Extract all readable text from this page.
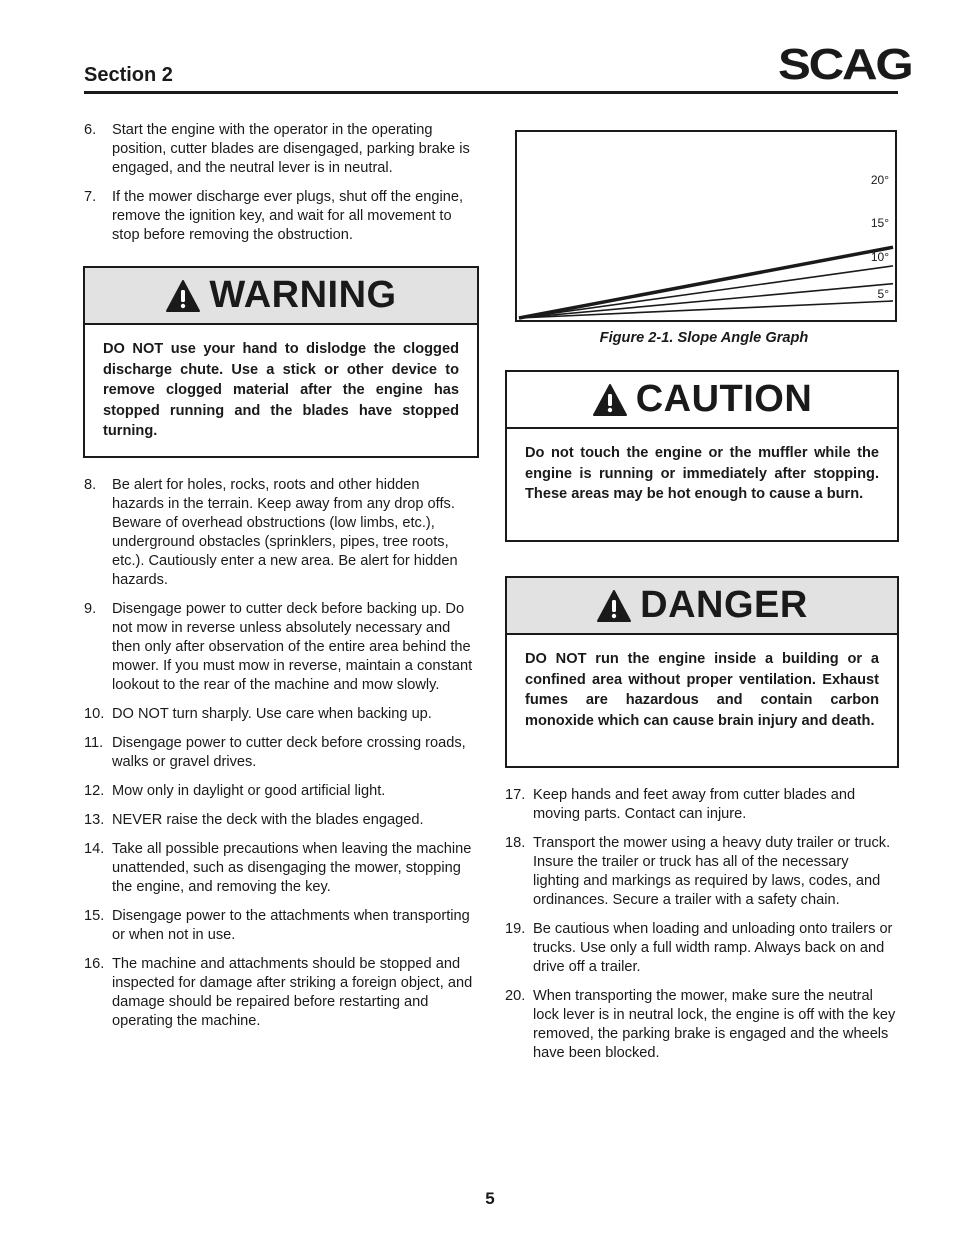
Section 2	SCAG
6. Start the engine with the operator in the operating position, cutter blades are disengaged, parking brake is engaged, and the neutral lever is in neutral.
7. If the mower discharge ever plugs, shut off the engine, remove the ignition key, and wait for all movement to stop before removing the obstruction.
WARNING
DO NOT use your hand to dislodge the clogged discharge chute. Use a stick or other device to remove clogged material after the engine has stopped running and the blades have stopped turning.
8. Be alert for holes, rocks, roots and other hidden hazards in the terrain. Keep away from any drop offs. Beware of overhead obstructions (low limbs, etc.), underground obstacles (sprinklers, pipes, tree roots, etc.). Cautiously enter a new area. Be alert for hidden hazards.
9. Disengage power to cutter deck before backing up. Do not mow in reverse unless absolutely necessary and then only after observation of the entire area behind the mower. If you must mow in reverse, maintain a constant lookout to the rear of the machine and mow slowly.
10. DO NOT turn sharply. Use care when backing up.
11. Disengage power to cutter deck before crossing roads, walks or gravel drives.
12. Mow only in daylight or good artificial light.
13. NEVER raise the deck with the blades engaged.
14. Take all possible precautions when leaving the machine unattended, such as disengaging the mower, stopping the engine, and removing the key.
15. Disengage power to the attachments when transporting or when not in use.
16. The machine and attachments should be stopped and inspected for damage after striking a foreign object, and damage should be repaired before restarting and operating the machine.
20°
15°
10°
5°
Figure 2-1. Slope Angle Graph
CAUTION
Do not touch the engine or the muffler while the engine is running or immediately after stopping. These areas may be hot enough to cause a burn.
DANGER
DO NOT run the engine inside a building or a confined area without proper ventilation. Exhaust fumes are hazardous and contain carbon monoxide which can cause brain injury and death.
17. Keep hands and feet away from cutter blades and moving parts. Contact can injure.
18. Transport the mower using a heavy duty trailer or truck. Insure the trailer or truck has all of the necessary lighting and markings as required by laws, codes, and ordinances. Secure a trailer with a safety chain.
19. Be cautious when loading and unloading onto trailers or trucks. Use only a full width ramp. Always back on and drive off a trailer.
20. When transporting the mower, make sure the neutral lock lever is in neutral lock, the engine is off with the key removed, the parking brake is engaged and the wheels have been blocked.
5
